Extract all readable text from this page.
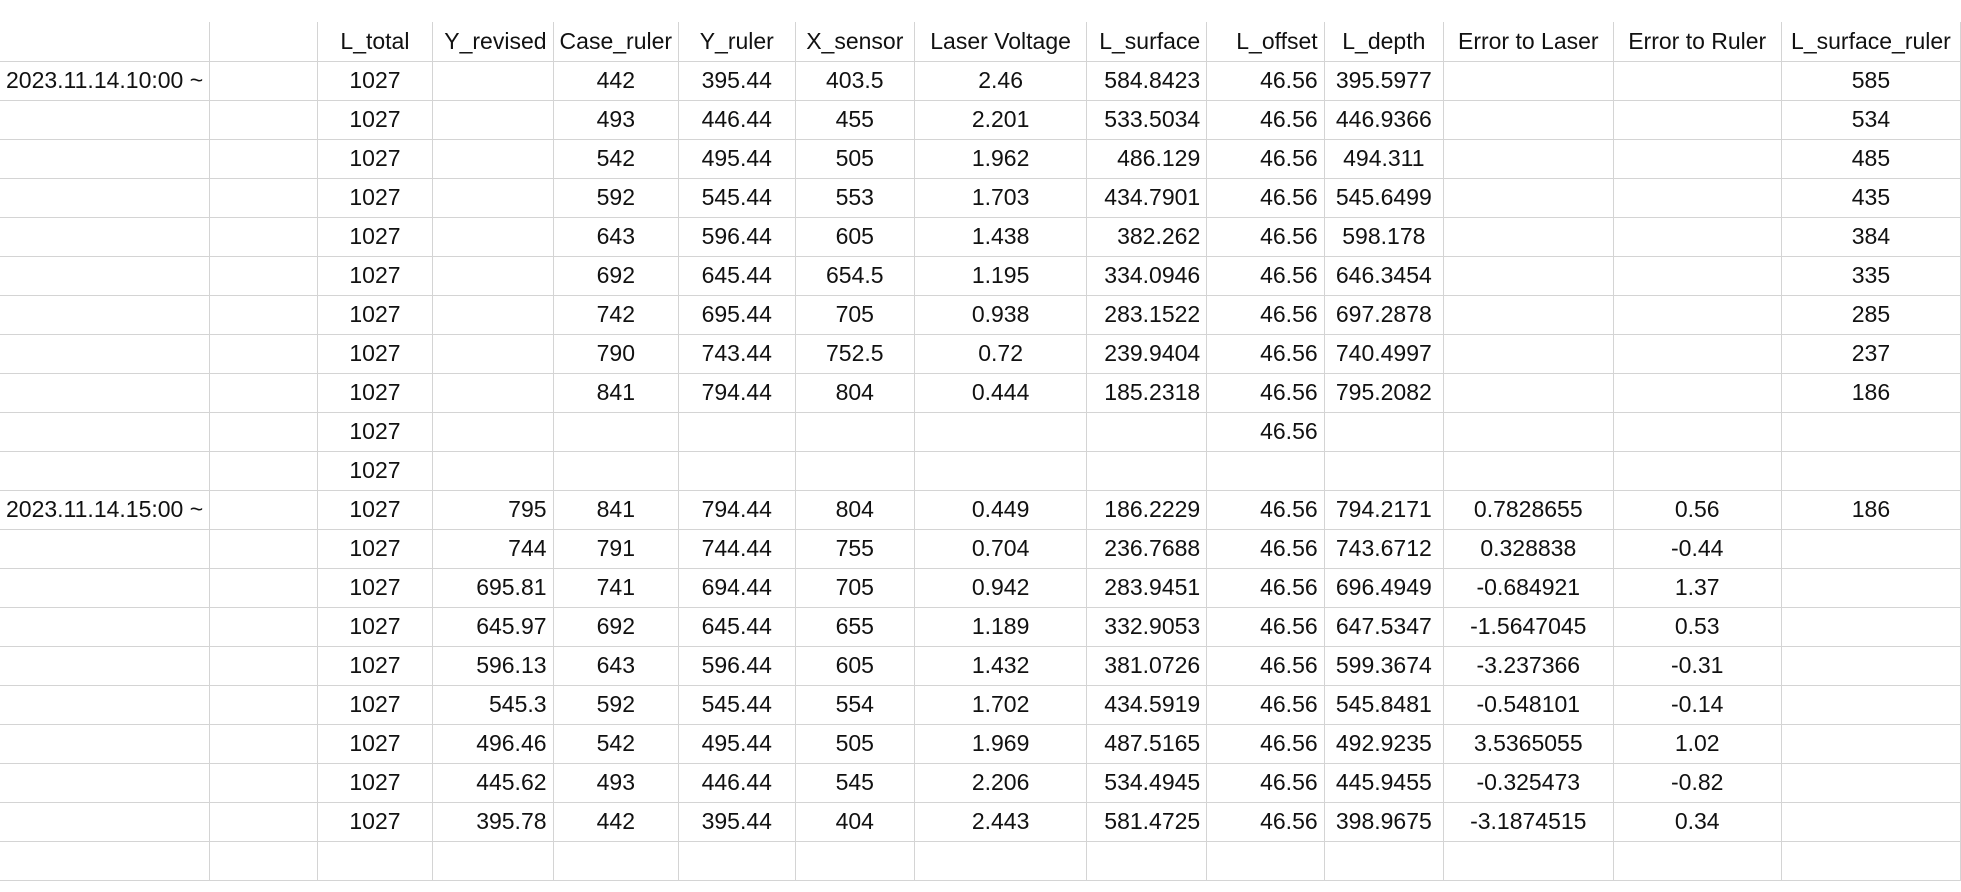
		L_total	Y_revised	Case_ruler	Y_ruler	X_sensor	Laser Voltage	L_surface	L_offset	L_depth	Error to Laser	Error to Ruler	L_surface_ruler
2023.11.14.10:00 ~		1027		442	395.44	403.5	2.46	584.8423	46.56	395.5977			585
		1027		493	446.44	455	2.201	533.5034	46.56	446.9366			534
		1027		542	495.44	505	1.962	486.129	46.56	494.311			485
		1027		592	545.44	553	1.703	434.7901	46.56	545.6499			435
		1027		643	596.44	605	1.438	382.262	46.56	598.178			384
		1027		692	645.44	654.5	1.195	334.0946	46.56	646.3454			335
		1027		742	695.44	705	0.938	283.1522	46.56	697.2878			285
		1027		790	743.44	752.5	0.72	239.9404	46.56	740.4997			237
		1027		841	794.44	804	0.444	185.2318	46.56	795.2082			186
		1027							46.56				
		1027											
2023.11.14.15:00 ~		1027	795	841	794.44	804	0.449	186.2229	46.56	794.2171	0.7828655	0.56	186
		1027	744	791	744.44	755	0.704	236.7688	46.56	743.6712	0.328838	-0.44	
		1027	695.81	741	694.44	705	0.942	283.9451	46.56	696.4949	-0.684921	1.37	
		1027	645.97	692	645.44	655	1.189	332.9053	46.56	647.5347	-1.5647045	0.53	
		1027	596.13	643	596.44	605	1.432	381.0726	46.56	599.3674	-3.237366	-0.31	
		1027	545.3	592	545.44	554	1.702	434.5919	46.56	545.8481	-0.548101	-0.14	
		1027	496.46	542	495.44	505	1.969	487.5165	46.56	492.9235	3.5365055	1.02	
		1027	445.62	493	446.44	545	2.206	534.4945	46.56	445.9455	-0.325473	-0.82	
		1027	395.78	442	395.44	404	2.443	581.4725	46.56	398.9675	-3.1874515	0.34	
